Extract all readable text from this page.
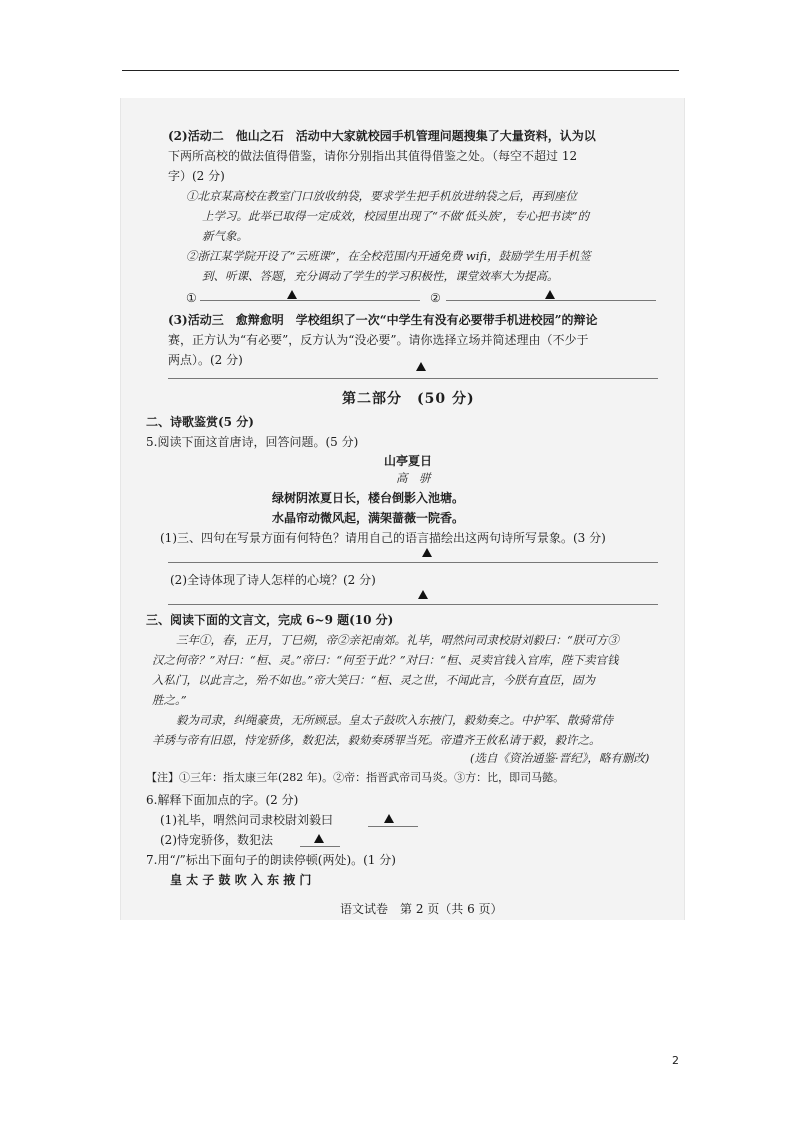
(2)活动二　他山之石　活动中大家就校园手机管理问题搜集了大量资料，认为以
下两所高校的做法值得借鉴，请你分别指出其值得借鉴之处。（每空不超过 12
字）(2 分)
①北京某高校在教室门口放收纳袋，要求学生把手机放进纳袋之后，再到座位
上学习。此举已取得一定成效，校园里出现了“不做‘低头族’，专心把书读”的
新气象。
②浙江某学院开设了“云班课”，在全校范围内开通免费 wifi，鼓励学生用手机签
到、听课、答题，充分调动了学生的学习积极性，课堂效率大为提高。
①	②
(3)活动三　愈辩愈明　学校组织了一次“中学生有没有必要带手机进校园”的辩论
赛，正方认为“有必要”，反方认为“没必要”。请你选择立场并简述理由（不少于
两点）。(2 分)
第二部分　(50 分)
二、诗歌鉴赏(5 分)
5.阅读下面这首唐诗，回答问题。(5 分)
山亭夏日
高　骈
绿树阴浓夏日长，楼台倒影入池塘。
水晶帘动微风起，满架蔷薇一院香。
(1)三、四句在写景方面有何特色？请用自己的语言描绘出这两句诗所写景象。(3 分)
(2)全诗体现了诗人怎样的心境？(2 分)
三、阅读下面的文言文，完成 6~9 题(10 分)
三年①，春，正月，丁巳朔，帝②亲祀南郊。礼毕，喟然问司隶校尉刘毅曰：“朕可方③
汉之何帝？”对曰：“桓、灵。”帝曰：“何至于此？”对曰：“桓、灵卖官钱入官库，陛下卖官钱
入私门，以此言之，殆不如也。”帝大笑曰：“桓、灵之世，不闻此言，今朕有直臣，固为
胜之。”
毅为司隶，纠绳豪贵，无所顾忌。皇太子鼓吹入东掖门，毅劾奏之。中护军、散骑常侍
羊琇与帝有旧恩，恃宠骄侈，数犯法，毅劾奏琇罪当死。帝遣齐王攸私请于毅，毅许之。
(选自《资治通鉴·晋纪》，略有删改)
【注】①三年：指太康三年(282 年)。②帝：指晋武帝司马炎。③方：比，即司马懿。
6.解释下面加点的字。(2 分)
(1)礼毕，喟然问司隶校尉刘毅曰
(2)恃宠骄侈，数犯法
7.用“/”标出下面句子的朗读停顿(两处)。(1 分)
皇 太 子 鼓 吹 入 东 掖 门
语文试卷　第 2 页（共 6 页）
2
